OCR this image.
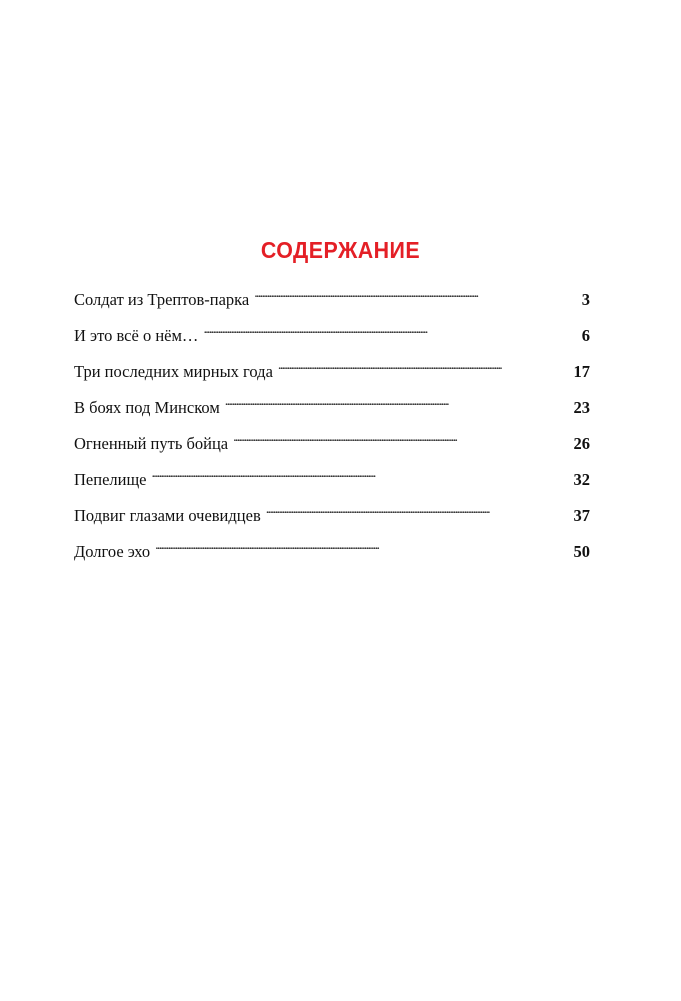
СОДЕРЖАНИЕ
Солдат из Трептов-парка . . .	3
И это всё о нём… . . .	6
Три последних мирных года . . .	17
В боях под Минском . . .	23
Огненный путь бойца . . .	26
Пепелище . . .	32
Подвиг глазами очевидцев . . .	37
Долгое эхо . . .	50
